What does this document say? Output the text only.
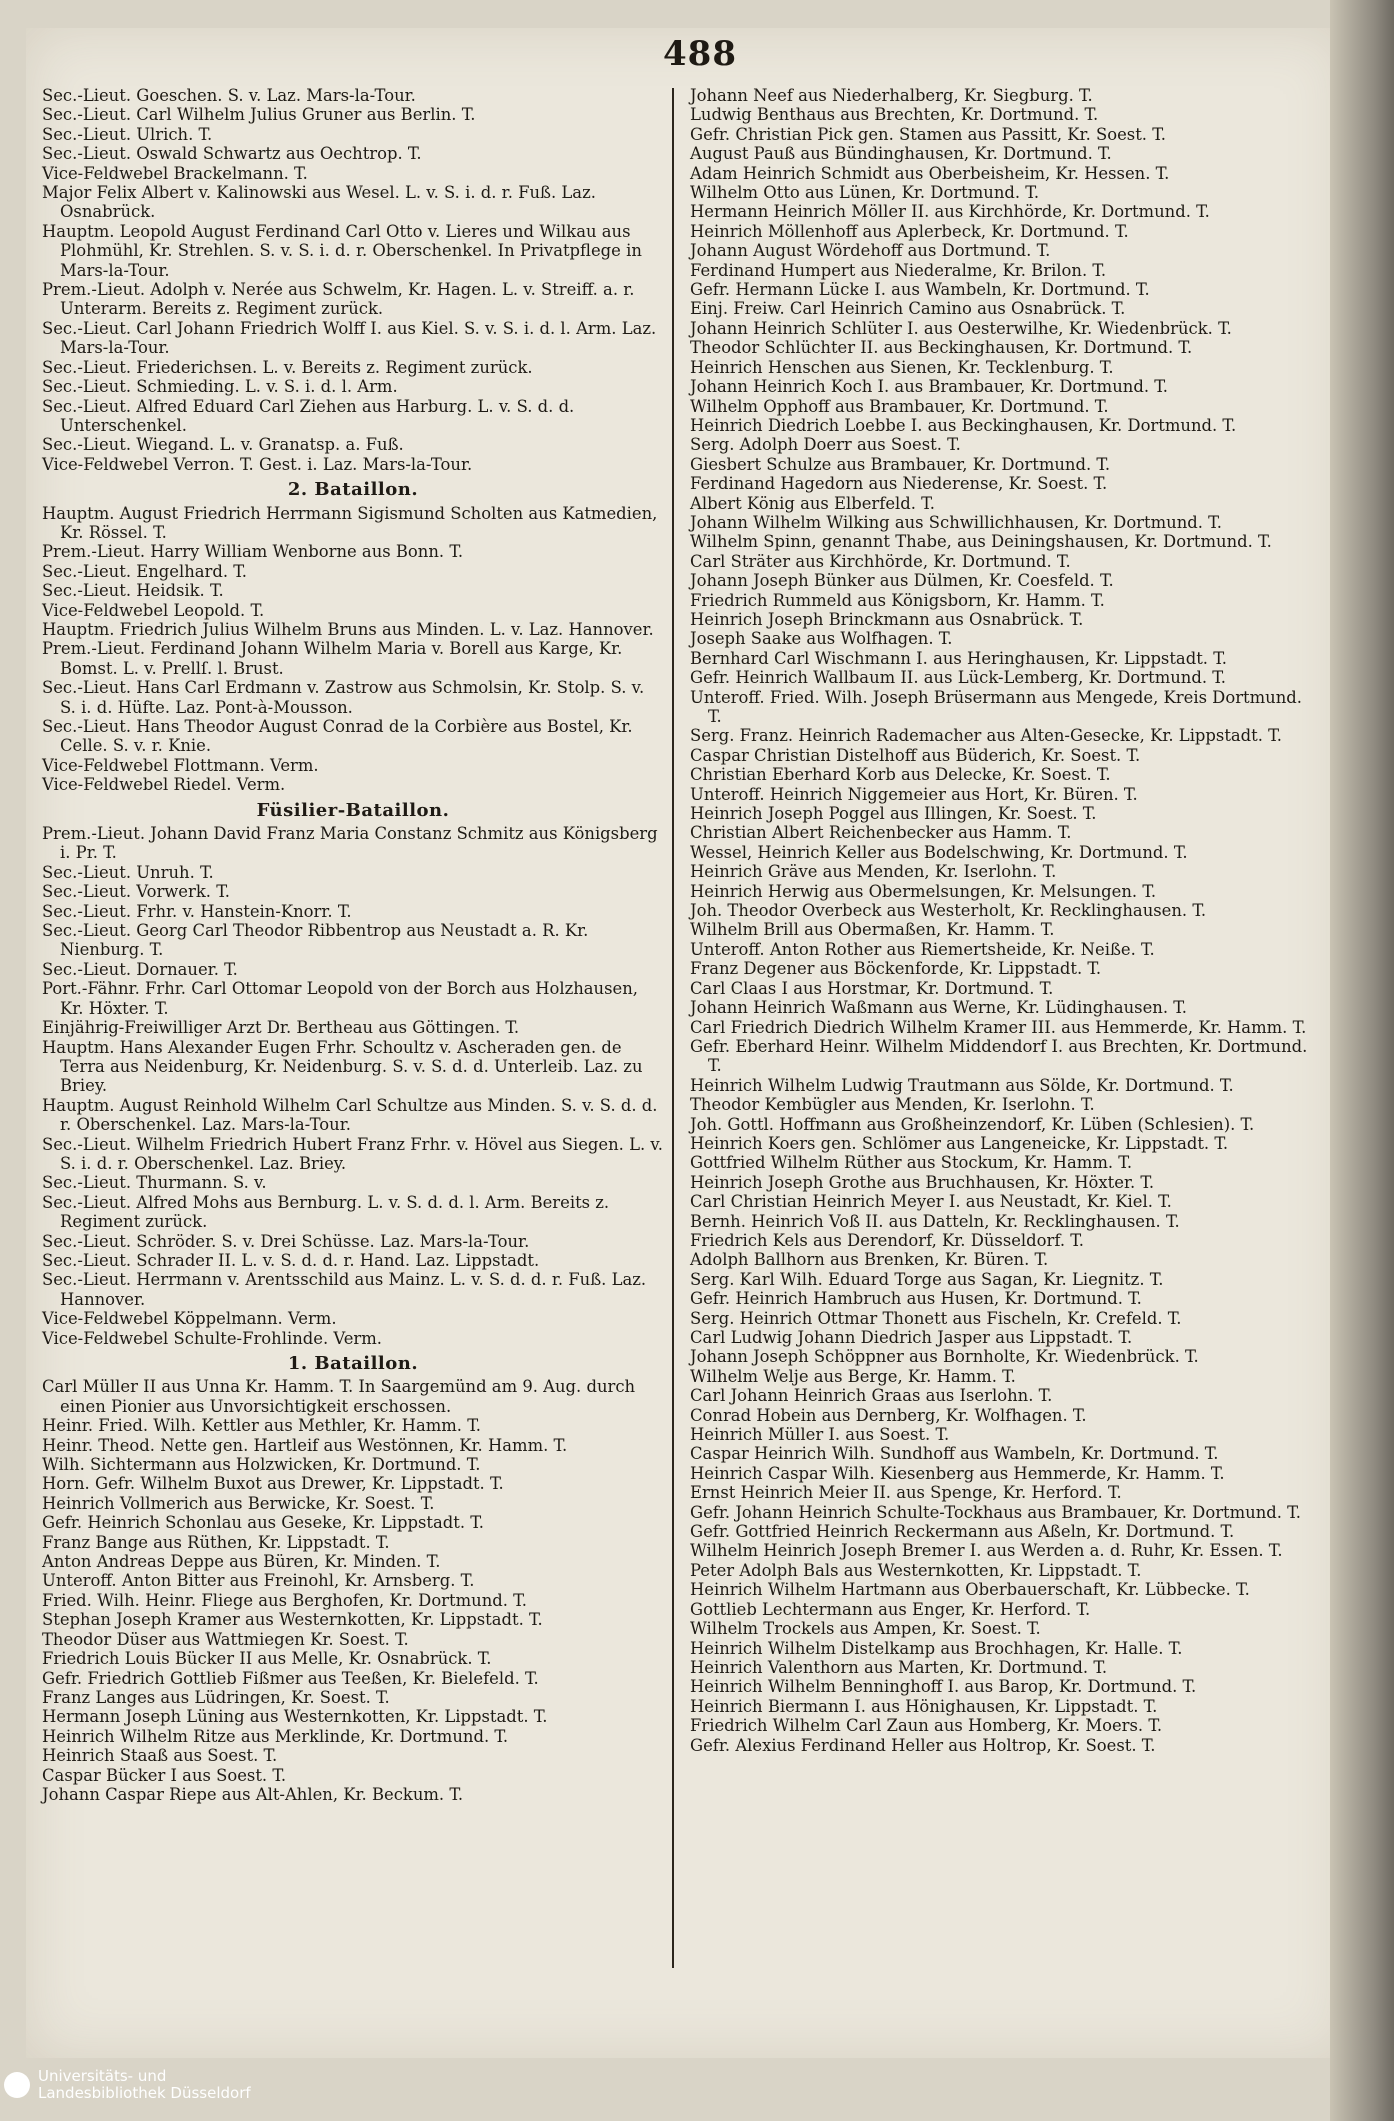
488

Sec.-Lieut. Goeschen. S. v. Laz. Mars-la-Tour.

Sec.-Lieut. Carl Wilhelm Julius Gruner aus Berlin. T.

Sec.-Lieut. Ulrich. T.

Sec.-Lieut. Oswald Schwartz aus Oechtrop. T.

Vice-Feldwebel Brackelmann. T.

Major Felix Albert v. Kalinowski aus Wesel. L. v. S. i. d. r. Fuß. Laz. Osnabrück.

Hauptm. Leopold August Ferdinand Carl Otto v. Lieres und Wilkau aus Plohmühl, Kr. Strehlen. S. v. S. i. d. r. Oberschenkel. In Privatpflege in Mars-la-Tour.

Prem.-Lieut. Adolph v. Nerée aus Schwelm, Kr. Hagen. L. v. Streiff. a. r. Unterarm. Bereits z. Regiment zurück.

Sec.-Lieut. Carl Johann Friedrich Wolff I. aus Kiel. S. v. S. i. d. l. Arm. Laz. Mars-la-Tour.

Sec.-Lieut. Friederichsen. L. v. Bereits z. Regiment zurück.

Sec.-Lieut. Schmieding. L. v. S. i. d. l. Arm.

Sec.-Lieut. Alfred Eduard Carl Ziehen aus Harburg. L. v. S. d. d. Unterschenkel.

Sec.-Lieut. Wiegand. L. v. Granatsp. a. Fuß.

Vice-Feldwebel Verron. T. Gest. i. Laz. Mars-la-Tour.

2. Bataillon.

Hauptm. August Friedrich Herrmann Sigismund Scholten aus Katmedien, Kr. Rössel. T.

Prem.-Lieut. Harry William Wenborne aus Bonn. T.

Sec.-Lieut. Engelhard. T.

Sec.-Lieut. Heidsik. T.

Vice-Feldwebel Leopold. T.

Hauptm. Friedrich Julius Wilhelm Bruns aus Minden. L. v. Laz. Hannover.

Prem.-Lieut. Ferdinand Johann Wilhelm Maria v. Borell aus Karge, Kr. Bomst. L. v. Prellſ. l. Brust.

Sec.-Lieut. Hans Carl Erdmann v. Zastrow aus Schmolsin, Kr. Stolp. S. v. S. i. d. Hüfte. Laz. Pont-à-Mousson.

Sec.-Lieut. Hans Theodor August Conrad de la Corbière aus Bostel, Kr. Celle. S. v. r. Knie.

Vice-Feldwebel Flottmann. Verm.

Vice-Feldwebel Riedel. Verm.

Füsilier-Bataillon.

Prem.-Lieut. Johann David Franz Maria Constanz Schmitz aus Königsberg i. Pr. T.

Sec.-Lieut. Unruh. T.

Sec.-Lieut. Vorwerk. T.

Sec.-Lieut. Frhr. v. Hanstein-Knorr. T.

Sec.-Lieut. Georg Carl Theodor Ribbentrop aus Neustadt a. R. Kr. Nienburg. T.

Sec.-Lieut. Dornauer. T.

Port.-Fähnr. Frhr. Carl Ottomar Leopold von der Borch aus Holzhausen, Kr. Höxter. T.

Einjährig-Freiwilliger Arzt Dr. Bertheau aus Göttingen. T.

Hauptm. Hans Alexander Eugen Frhr. Schoultz v. Ascheraden gen. de Terra aus Neidenburg, Kr. Neidenburg. S. v. S. d. d. Unterleib. Laz. zu Briey.

Hauptm. August Reinhold Wilhelm Carl Schultze aus Minden. S. v. S. d. d. r. Oberschenkel. Laz. Mars-la-Tour.

Sec.-Lieut. Wilhelm Friedrich Hubert Franz Frhr. v. Hövel aus Siegen. L. v. S. i. d. r. Oberschenkel. Laz. Briey.

Sec.-Lieut. Thurmann. S. v.

Sec.-Lieut. Alfred Mohs aus Bernburg. L. v. S. d. d. l. Arm. Bereits z. Regiment zurück.

Sec.-Lieut. Schröder. S. v. Drei Schüsse. Laz. Mars-la-Tour.

Sec.-Lieut. Schrader II. L. v. S. d. d. r. Hand. Laz. Lippstadt.

Sec.-Lieut. Herrmann v. Arentsschild aus Mainz. L. v. S. d. d. r. Fuß. Laz. Hannover.

Vice-Feldwebel Köppelmann. Verm.

Vice-Feldwebel Schulte-Frohlinde. Verm.

1. Bataillon.

Carl Müller II aus Unna Kr. Hamm. T. In Saargemünd am 9. Aug. durch einen Pionier aus Unvorsichtigkeit erschossen.

Heinr. Fried. Wilh. Kettler aus Methler, Kr. Hamm. T.

Heinr. Theod. Nette gen. Hartleif aus Westönnen, Kr. Hamm. T.

Wilh. Sichtermann aus Holzwicken, Kr. Dortmund. T.

Horn. Gefr. Wilhelm Buxot aus Drewer, Kr. Lippstadt. T.

Heinrich Vollmerich aus Berwicke, Kr. Soest. T.

Gefr. Heinrich Schonlau aus Geseke, Kr. Lippstadt. T.

Franz Bange aus Rüthen, Kr. Lippstadt. T.

Anton Andreas Deppe aus Büren, Kr. Minden. T.

Unteroff. Anton Bitter aus Freinohl, Kr. Arnsberg. T.

Fried. Wilh. Heinr. Fliege aus Berghofen, Kr. Dortmund. T.

Stephan Joseph Kramer aus Westernkotten, Kr. Lippstadt. T.

Theodor Düser aus Wattmiegen Kr. Soest. T.

Friedrich Louis Bücker II aus Melle, Kr. Osnabrück. T.

Gefr. Friedrich Gottlieb Fißmer aus Teeßen, Kr. Bielefeld. T.

Franz Langes aus Lüdringen, Kr. Soest. T.

Hermann Joseph Lüning aus Westernkotten, Kr. Lippstadt. T.

Heinrich Wilhelm Ritze aus Merklinde, Kr. Dortmund. T.

Heinrich Staaß aus Soest. T.

Caspar Bücker I aus Soest. T.

Johann Caspar Riepe aus Alt-Ahlen, Kr. Beckum. T.

Johann Neef aus Niederhalberg, Kr. Siegburg. T.

Ludwig Benthaus aus Brechten, Kr. Dortmund. T.

Gefr. Christian Pick gen. Stamen aus Passitt, Kr. Soest. T.

August Pauß aus Bündinghausen, Kr. Dortmund. T.

Adam Heinrich Schmidt aus Oberbeisheim, Kr. Hessen. T.

Wilhelm Otto aus Lünen, Kr. Dortmund. T.

Hermann Heinrich Möller II. aus Kirchhörde, Kr. Dortmund. T.

Heinrich Möllenhoff aus Aplerbeck, Kr. Dortmund. T.

Johann August Wördehoff aus Dortmund. T.

Ferdinand Humpert aus Niederalme, Kr. Brilon. T.

Gefr. Hermann Lücke I. aus Wambeln, Kr. Dortmund. T.

Einj. Freiw. Carl Heinrich Camino aus Osnabrück. T.

Johann Heinrich Schlüter I. aus Oesterwilhe, Kr. Wiedenbrück. T.

Theodor Schlüchter II. aus Beckinghausen, Kr. Dortmund. T.

Heinrich Henschen aus Sienen, Kr. Tecklenburg. T.

Johann Heinrich Koch I. aus Brambauer, Kr. Dortmund. T.

Wilhelm Opphoff aus Brambauer, Kr. Dortmund. T.

Heinrich Diedrich Loebbe I. aus Beckinghausen, Kr. Dortmund. T.

Serg. Adolph Doerr aus Soest. T.

Giesbert Schulze aus Brambauer, Kr. Dortmund. T.

Ferdinand Hagedorn aus Niederense, Kr. Soest. T.

Albert König aus Elberfeld. T.

Johann Wilhelm Wilking aus Schwillichhausen, Kr. Dortmund. T.

Wilhelm Spinn, genannt Thabe, aus Deiningshausen, Kr. Dortmund. T.

Carl Sträter aus Kirchhörde, Kr. Dortmund. T.

Johann Joseph Bünker aus Dülmen, Kr. Coesfeld. T.

Friedrich Rummeld aus Königsborn, Kr. Hamm. T.

Heinrich Joseph Brinckmann aus Osnabrück. T.

Joseph Saake aus Wolfhagen. T.

Bernhard Carl Wischmann I. aus Heringhausen, Kr. Lippstadt. T.

Gefr. Heinrich Wallbaum II. aus Lück-Lemberg, Kr. Dortmund. T.

Unteroff. Fried. Wilh. Joseph Brüsermann aus Mengede, Kreis Dortmund. T.

Serg. Franz. Heinrich Rademacher aus Alten-Gesecke, Kr. Lippstadt. T.

Caspar Christian Distelhoff aus Büderich, Kr. Soest. T.

Christian Eberhard Korb aus Delecke, Kr. Soest. T.

Unteroff. Heinrich Niggemeier aus Hort, Kr. Büren. T.

Heinrich Joseph Poggel aus Illingen, Kr. Soest. T.

Christian Albert Reichenbecker aus Hamm. T.

Wessel, Heinrich Keller aus Bodelschwing, Kr. Dortmund. T.

Heinrich Gräve aus Menden, Kr. Iserlohn. T.

Heinrich Herwig aus Obermelsungen, Kr. Melsungen. T.

Joh. Theodor Overbeck aus Westerholt, Kr. Recklinghausen. T.

Wilhelm Brill aus Obermaßen, Kr. Hamm. T.

Unteroff. Anton Rother aus Riemertsheide, Kr. Neiße. T.

Franz Degener aus Böckenforde, Kr. Lippstadt. T.

Carl Claas I aus Horstmar, Kr. Dortmund. T.

Johann Heinrich Waßmann aus Werne, Kr. Lüdinghausen. T.

Carl Friedrich Diedrich Wilhelm Kramer III. aus Hemmerde, Kr. Hamm. T.

Gefr. Eberhard Heinr. Wilhelm Middendorf I. aus Brechten, Kr. Dortmund. T.

Heinrich Wilhelm Ludwig Trautmann aus Sölde, Kr. Dortmund. T.

Theodor Kembügler aus Menden, Kr. Iserlohn. T.

Joh. Gottl. Hoffmann aus Großheinzendorf, Kr. Lüben (Schlesien). T.

Heinrich Koers gen. Schlömer aus Langeneicke, Kr. Lippstadt. T.

Gottfried Wilhelm Rüther aus Stockum, Kr. Hamm. T.

Heinrich Joseph Grothe aus Bruchhausen, Kr. Höxter. T.

Carl Christian Heinrich Meyer I. aus Neustadt, Kr. Kiel. T.

Bernh. Heinrich Voß II. aus Datteln, Kr. Recklinghausen. T.

Friedrich Kels aus Derendorf, Kr. Düsseldorf. T.

Adolph Ballhorn aus Brenken, Kr. Büren. T.

Serg. Karl Wilh. Eduard Torge aus Sagan, Kr. Liegnitz. T.

Gefr. Heinrich Hambruch aus Husen, Kr. Dortmund. T.

Serg. Heinrich Ottmar Thonett aus Fischeln, Kr. Crefeld. T.

Carl Ludwig Johann Diedrich Jasper aus Lippstadt. T.

Johann Joseph Schöppner aus Bornholte, Kr. Wiedenbrück. T.

Wilhelm Welje aus Berge, Kr. Hamm. T.

Carl Johann Heinrich Graas aus Iserlohn. T.

Conrad Hobein aus Dernberg, Kr. Wolfhagen. T.

Heinrich Müller I. aus Soest. T.

Caspar Heinrich Wilh. Sundhoff aus Wambeln, Kr. Dortmund. T.

Heinrich Caspar Wilh. Kiesenberg aus Hemmerde, Kr. Hamm. T.

Ernst Heinrich Meier II. aus Spenge, Kr. Herford. T.

Gefr. Johann Heinrich Schulte-Tockhaus aus Brambauer, Kr. Dortmund. T.

Gefr. Gottfried Heinrich Reckermann aus Aßeln, Kr. Dortmund. T.

Wilhelm Heinrich Joseph Bremer I. aus Werden a. d. Ruhr, Kr. Essen. T.

Peter Adolph Bals aus Westernkotten, Kr. Lippstadt. T.

Heinrich Wilhelm Hartmann aus Oberbauerschaft, Kr. Lübbecke. T.

Gottlieb Lechtermann aus Enger, Kr. Herford. T.

Wilhelm Trockels aus Ampen, Kr. Soest. T.

Heinrich Wilhelm Distelkamp aus Brochhagen, Kr. Halle. T.

Heinrich Valenthorn aus Marten, Kr. Dortmund. T.

Heinrich Wilhelm Benninghoff I. aus Barop, Kr. Dortmund. T.

Heinrich Biermann I. aus Hönighausen, Kr. Lippstadt. T.

Friedrich Wilhelm Carl Zaun aus Homberg, Kr. Moers. T.

Gefr. Alexius Ferdinand Heller aus Holtrop, Kr. Soest. T.

Universitäts- und
Landesbibliothek Düsseldorf
